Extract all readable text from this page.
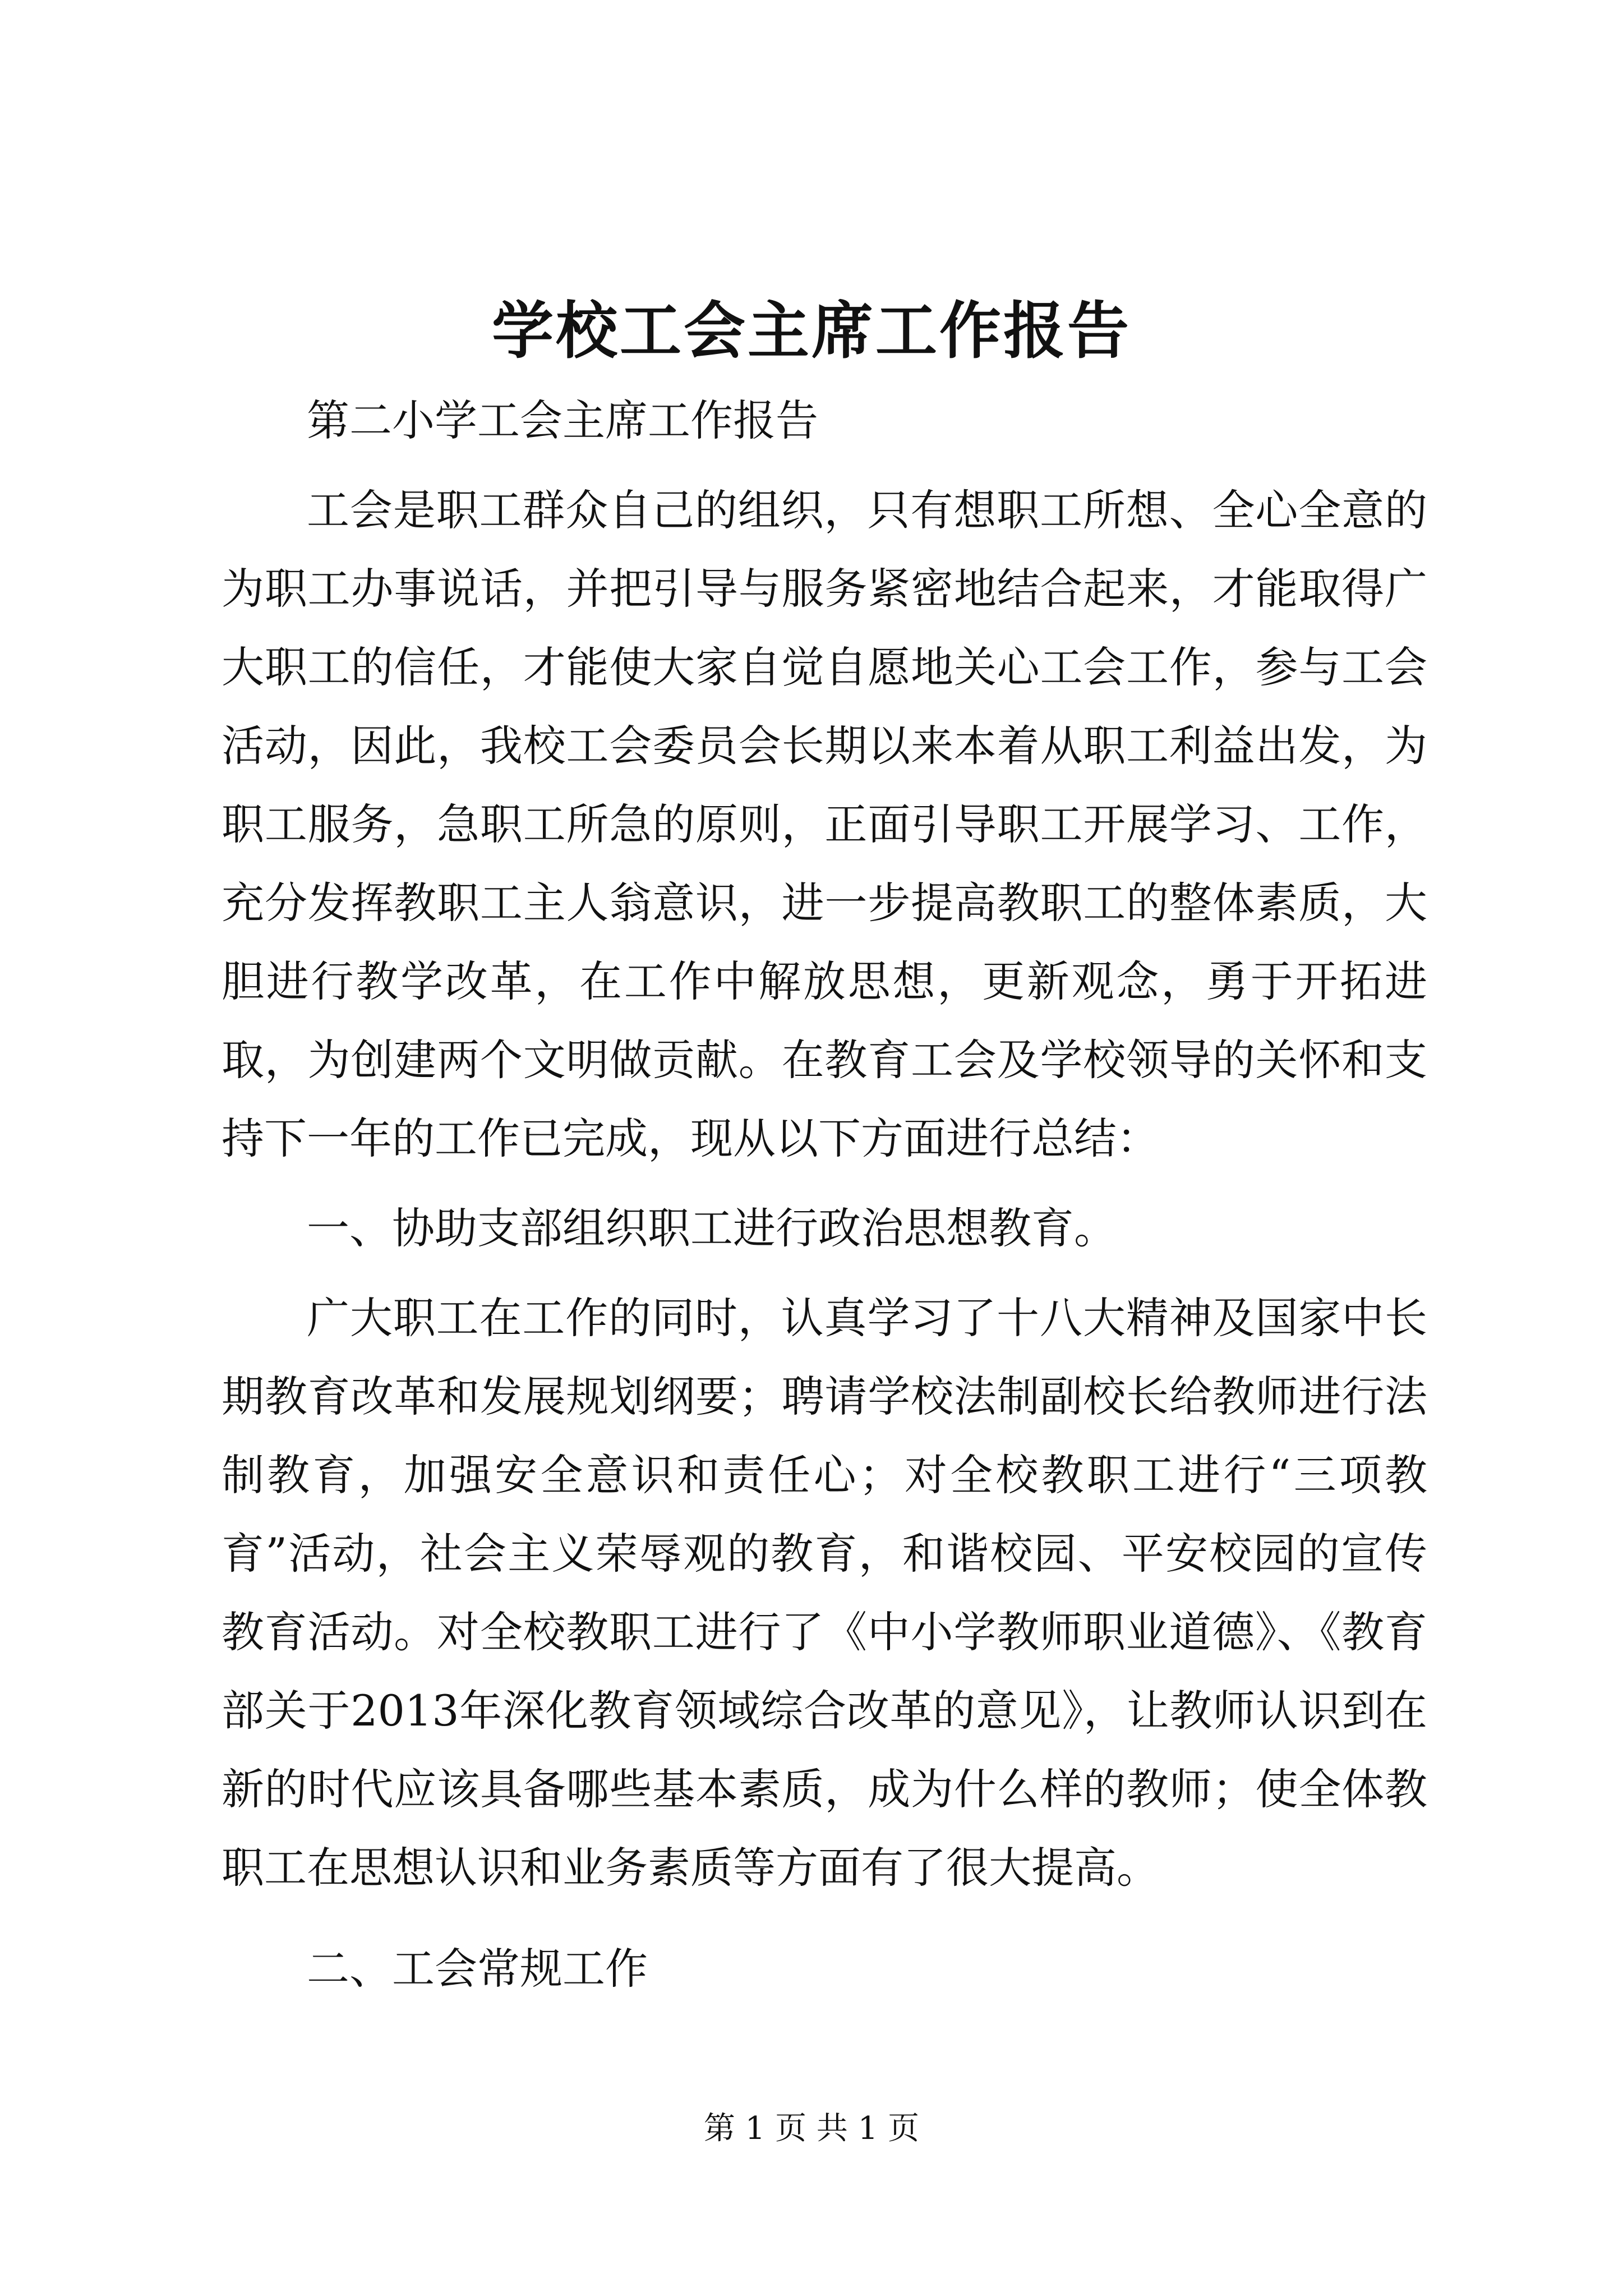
学校工会主席工作报告

第二小学工会主席工作报告

工会是职工群众自己的组织，只有想职工所想、全心全意的为职工办事说话，并把引导与服务紧密地结合起来，才能取得广大职工的信任，才能使大家自觉自愿地关心工会工作，参与工会活动，因此，我校工会委员会长期以来本着从职工利益出发，为职工服务，急职工所急的原则，正面引导职工开展学习、工作，充分发挥教职工主人翁意识，进一步提高教职工的整体素质，大胆进行教学改革，在工作中解放思想，更新观念，勇于开拓进取，为创建两个文明做贡献。在教育工会及学校领导的关怀和支持下一年的工作已完成，现从以下方面进行总结：

一、协助支部组织职工进行政治思想教育。

广大职工在工作的同时，认真学习了十八大精神及国家中长期教育改革和发展规划纲要；聘请学校法制副校长给教师进行法制教育，加强安全意识和责任心；对全校教职工进行“三项教育”活动，社会主义荣辱观的教育，和谐校园、平安校园的宣传教育活动。对全校教职工进行了《中小学教师职业道德》、《教育部关于2013年深化教育领域综合改革的意见》，让教师认识到在新的时代应该具备哪些基本素质，成为什么样的教师；使全体教职工在思想认识和业务素质等方面有了很大提高。

二、工会常规工作

第 1 页 共 1 页
